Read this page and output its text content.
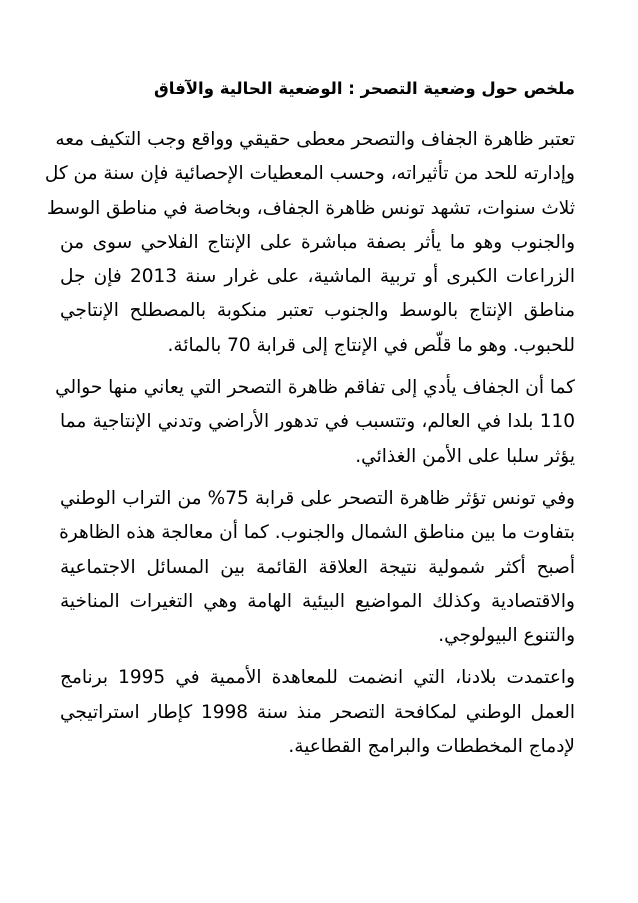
ملخص حول وضعية التصحر : الوضعية الحالية والآفاق

تعتبر ظاهرة الجفاف والتصحر معطى حقيقي وواقع وجب التكيف معه
وإدارته للحد من تأثيراته، وحسب المعطيات الإحصائية فإن سنة من كل
ثلاث سنوات، تشهد تونس ظاهرة الجفاف، وبخاصة في مناطق الوسط
والجنوب وهو ما يأثر بصفة مباشرة على الإنتاج الفلاحي سوى من
الزراعات الكبرى أو تربية الماشية، على غرار سنة 2013 فإن جل
مناطق الإنتاج بالوسط والجنوب تعتبر منكوبة بالمصطلح الإنتاجي
للحبوب. وهو ما قلّص في الإنتاج إلى قرابة 70 بالمائة.

كما أن الجفاف يأدي إلى تفاقم ظاهرة التصحر التي يعاني منها حوالي
110 بلدا في العالم، وتتسبب في تدهور الأراضي وتدني الإنتاجية مما
يؤثر سلبا على الأمن الغذائي.

وفي تونس تؤثر ظاهرة التصحر على قرابة 75% من التراب الوطني
بتفاوت ما بين مناطق الشمال والجنوب. كما أن معالجة هذه الظاهرة
أصبح أكثر شمولية نتيجة العلاقة القائمة بين المسائل الاجتماعية
والاقتصادية وكذلك المواضيع البيئية الهامة وهي التغيرات المناخية
والتنوع البيولوجي.

واعتمدت بلادنا، التي انضمت للمعاهدة الأممية في 1995 برنامج
العمل الوطني لمكافحة التصحر منذ سنة 1998 كإطار استراتيجي
لإدماج المخططات والبرامج القطاعية.
